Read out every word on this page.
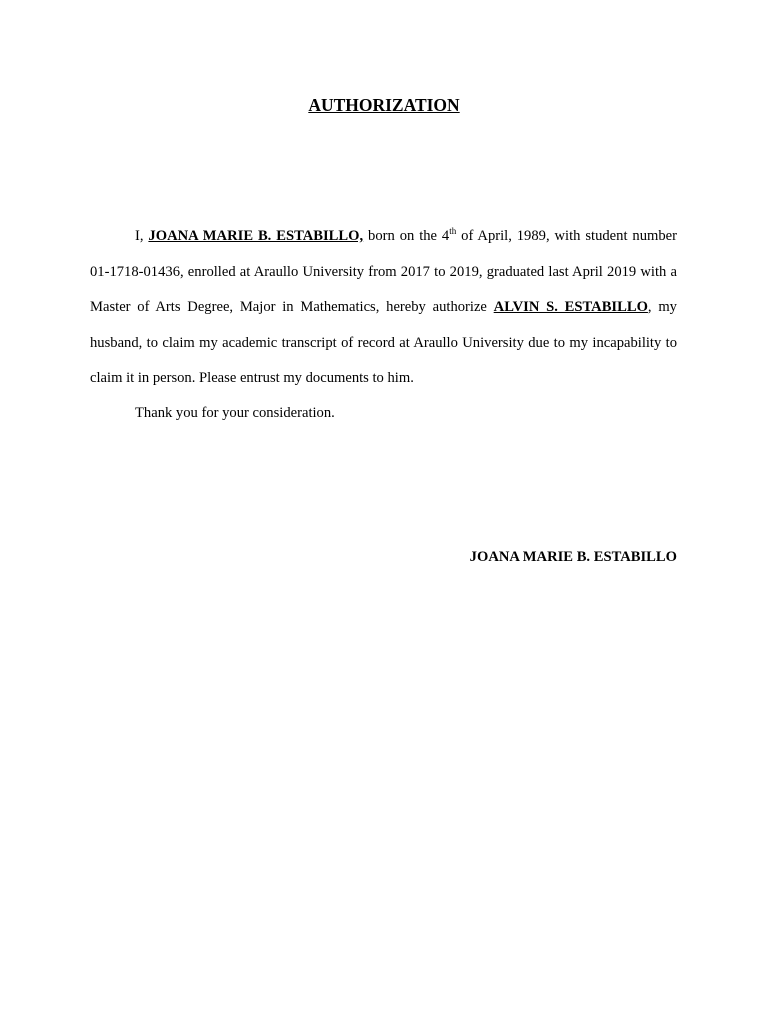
AUTHORIZATION

I, JOANA MARIE B. ESTABILLO, born on the 4th of April, 1989, with student number 01-1718-01436, enrolled at Araullo University from 2017 to 2019, graduated last April 2019 with a Master of Arts Degree, Major in Mathematics, hereby authorize ALVIN S. ESTABILLO, my husband, to claim my academic transcript of record at Araullo University due to my incapability to claim it in person. Please entrust my documents to him.

Thank you for your consideration.

JOANA MARIE B. ESTABILLO
